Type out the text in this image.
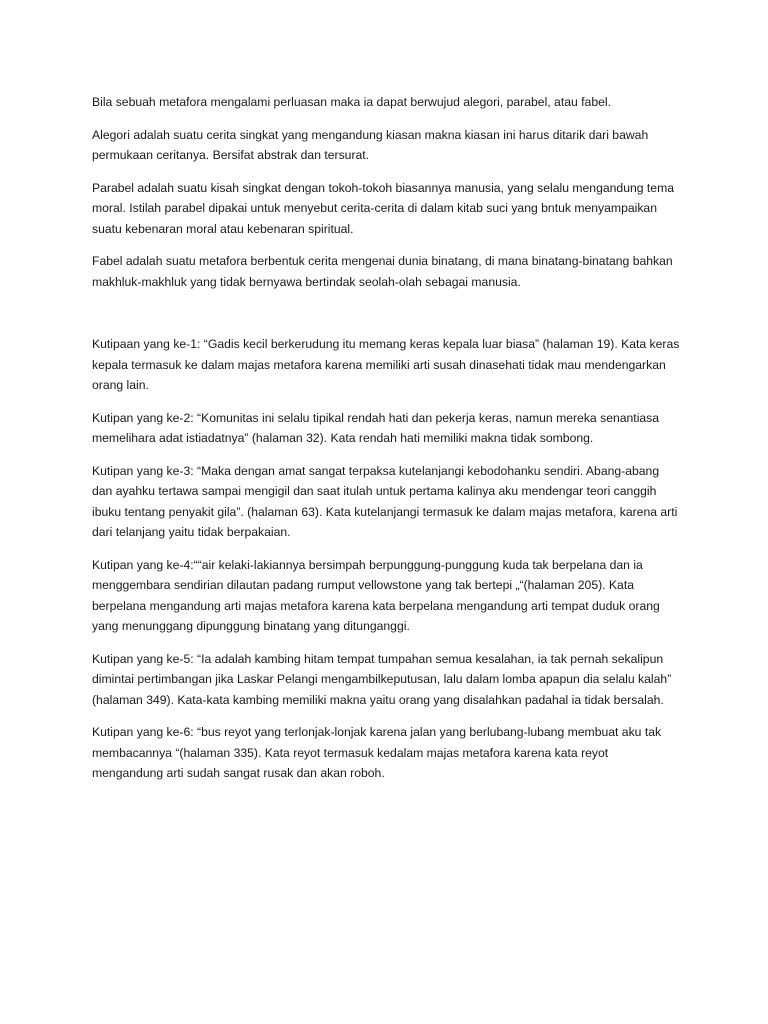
Bila sebuah metafora mengalami perluasan maka ia dapat berwujud alegori, parabel, atau fabel.

Alegori adalah suatu cerita singkat yang mengandung kiasan makna kiasan ini harus ditarik dari bawah permukaan ceritanya. Bersifat abstrak dan tersurat.

Parabel adalah suatu kisah singkat dengan tokoh-tokoh biasannya manusia, yang selalu mengandung tema moral. Istilah parabel dipakai untuk menyebut cerita-cerita di dalam kitab suci yang bntuk menyampaikan suatu kebenaran moral atau kebenaran spiritual.

Fabel adalah suatu metafora berbentuk cerita mengenai dunia binatang, di mana binatang-binatang bahkan makhluk-makhluk yang tidak bernyawa bertindak seolah-olah sebagai manusia.

Kutipaan yang ke-1: “Gadis kecil berkerudung itu memang keras kepala luar biasa” (halaman 19). Kata keras kepala termasuk ke dalam majas metafora karena memiliki arti susah dinasehati tidak mau mendengarkan orang lain.

Kutipan yang ke-2: “Komunitas ini selalu tipikal rendah hati dan pekerja keras, namun mereka senantiasa memelihara adat istiadatnya” (halaman 32). Kata rendah hati memiliki makna tidak sombong.

Kutipan yang ke-3: “Maka dengan amat sangat terpaksa kutelanjangi kebodohanku sendiri. Abang-abang dan ayahku tertawa sampai mengigil dan saat itulah untuk pertama kalinya aku mendengar teori canggih ibuku tentang penyakit gila”. (halaman 63). Kata kutelanjangi termasuk ke dalam majas metafora, karena arti dari telanjang yaitu tidak berpakaian.

Kutipan yang ke-4:““air kelaki-lakiannya bersimpah berpunggung-punggung kuda tak berpelana dan ia menggembara sendirian dilautan padang rumput vellowstone yang tak bertepi „“(halaman 205). Kata berpelana mengandung arti majas metafora karena kata berpelana mengandung arti tempat duduk orang yang menunggang dipunggung binatang yang ditunganggi.

Kutipan yang ke-5: “Ia adalah kambing hitam tempat tumpahan semua kesalahan, ia tak pernah sekalipun dimintai pertimbangan jika Laskar Pelangi mengambilkeputusan, lalu dalam lomba apapun dia selalu kalah” (halaman 349). Kata-kata kambing memiliki makna yaitu orang yang disalahkan padahal ia tidak bersalah.

Kutipan yang ke-6: “bus reyot yang terlonjak-lonjak karena jalan yang berlubang-lubang membuat aku tak membacannya “(halaman 335). Kata reyot termasuk kedalam majas metafora karena kata reyot mengandung arti sudah sangat rusak dan akan roboh.
